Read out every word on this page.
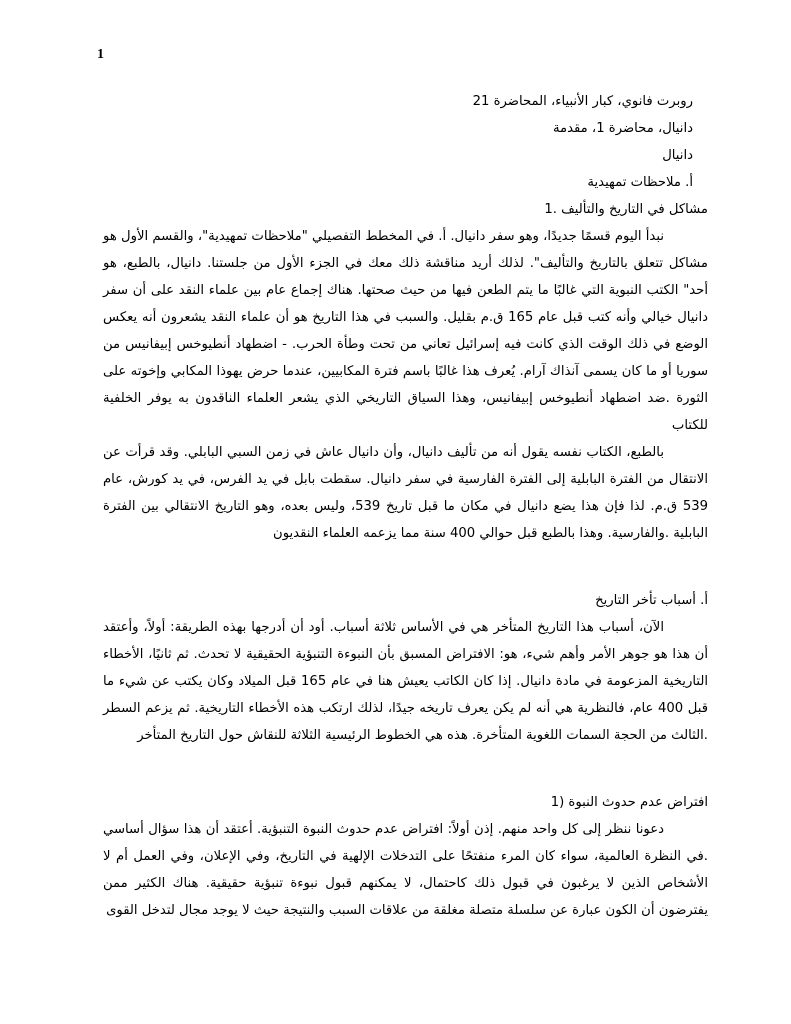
1

روبرت فانوي، كبار الأنبياء، المحاضرة 21

دانيال، محاضرة 1، مقدمة

دانيال

أ. ملاحظات تمهيدية

مشاكل في التاريخ والتأليف .1

نبدأ اليوم قسمًا جديدًا، وهو سفر دانيال. أ. في المخطط التفصيلي "ملاحظات تمهيدية"، والقسم الأول هو مشاكل تتعلق بالتاريخ والتأليف". لذلك أريد مناقشة ذلك معك في الجزء الأول من جلستنا. دانيال، بالطبع، هو أحد" الكتب النبوية التي غالبًا ما يتم الطعن فيها من حيث صحتها. هناك إجماع عام بين علماء النقد على أن سفر دانيال خيالي وأنه كتب قبل عام 165 ق.م بقليل. والسبب في هذا التاريخ هو أن علماء النقد يشعرون أنه يعكس الوضع في ذلك الوقت الذي كانت فيه إسرائيل تعاني من تحت وطأة الحرب. - اضطهاد أنطيوخس إبيفانيس من سوريا أو ما كان يسمى آنذاك آرام. يُعرف هذا غالبًا باسم فترة المكابيين، عندما حرض يهوذا المكابي وإخوته على الثورة .ضد اضطهاد أنطيوخس إبيفانيس، وهذا السياق التاريخي الذي يشعر العلماء الناقدون به يوفر الخلفية للكتاب

بالطبع، الكتاب نفسه يقول أنه من تأليف دانيال، وأن دانيال عاش في زمن السبي البابلي. وقد قرأت عن الانتقال من الفترة البابلية إلى الفترة الفارسية في سفر دانيال. سقطت بابل في يد الفرس، في يد كورش، عام 539 ق.م. لذا فإن هذا يضع دانيال في مكان ما قبل تاريخ 539، وليس بعده، وهو التاريخ الانتقالي بين الفترة البابلية .والفارسية. وهذا بالطبع قبل حوالي 400 سنة مما يزعمه العلماء النقديون

أ. أسباب تأخر التاريخ

الآن، أسباب هذا التاريخ المتأخر هي في الأساس ثلاثة أسباب. أود أن أدرجها بهذه الطريقة: أولاً، وأعتقد أن هذا هو جوهر الأمر وأهم شيء، هو: الافتراض المسبق بأن النبوءة التنبؤية الحقيقية لا تحدث. ثم ثانيًا، الأخطاء التاريخية المزعومة في مادة دانيال. إذا كان الكاتب يعيش هنا في عام 165 قبل الميلاد وكان يكتب عن شيء ما قبل 400 عام، فالنظرية هي أنه لم يكن يعرف تاريخه جيدًا، لذلك ارتكب هذه الأخطاء التاريخية. ثم يزعم السطر .الثالث من الحجة السمات اللغوية المتأخرة. هذه هي الخطوط الرئيسية الثلاثة للنقاش حول التاريخ المتأخر

افتراض عدم حدوث النبوة (1

دعونا ننظر إلى كل واحد منهم. إذن أولاً: افتراض عدم حدوث النبوة التنبؤية. أعتقد أن هذا سؤال أساسي .في النظرة العالمية، سواء كان المرء منفتحًا على التدخلات الإلهية في التاريخ، وفي الإعلان، وفي العمل أم لا الأشخاص الذين لا يرغبون في قبول ذلك كاحتمال، لا يمكنهم قبول نبوءة تنبؤية حقيقية. هناك الكثير ممن يفترضون أن الكون عبارة عن سلسلة متصلة مغلقة من علاقات السبب والنتيجة حيث لا يوجد مجال لتدخل القوى
